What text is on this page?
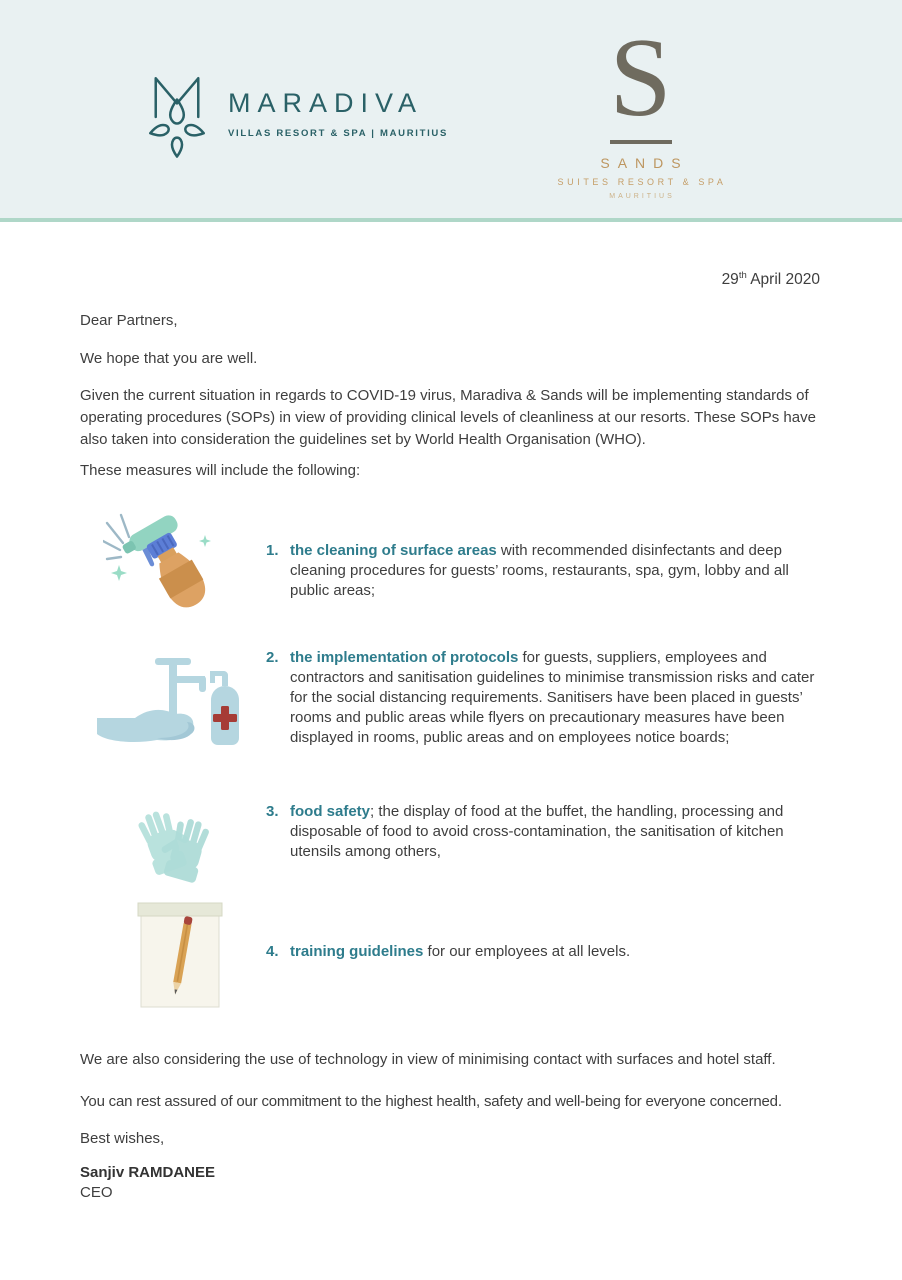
MARADIVA
VILLAS RESORT & SPA | MAURITIUS	S
SANDS
SUITES RESORT & SPA
MAURITIUS
29th April 2020

Dear Partners,

We hope that you are well.

Given the current situation in regards to COVID-19 virus, Maradiva & Sands will be implementing standards of operating procedures (SOPs) in view of providing clinical levels of cleanliness at our resorts. These SOPs have also taken into consideration the guidelines set by World Health Organisation (WHO).

These measures will include the following:

1. the cleaning of surface areas with recommended disinfectants and deep cleaning procedures for guests’ rooms, restaurants, spa, gym, lobby and all public areas;
2. the implementation of protocols for guests, suppliers, employees and contractors and sanitisation guidelines to minimise transmission risks and cater for the social distancing requirements. Sanitisers have been placed in guests’ rooms and public areas while flyers on precautionary measures have been displayed in rooms, public areas and on employees notice boards;
3. food safety; the display of food at the buffet, the handling, processing and disposable of food to avoid cross-contamination, the sanitisation of kitchen utensils among others,
4. training guidelines for our employees at all levels.

We are also considering the use of technology in view of minimising contact with surfaces and hotel staff.

You can rest assured of our commitment to the highest health, safety and well-being for everyone concerned.

Best wishes,

Sanjiv RAMDANEE
CEO
